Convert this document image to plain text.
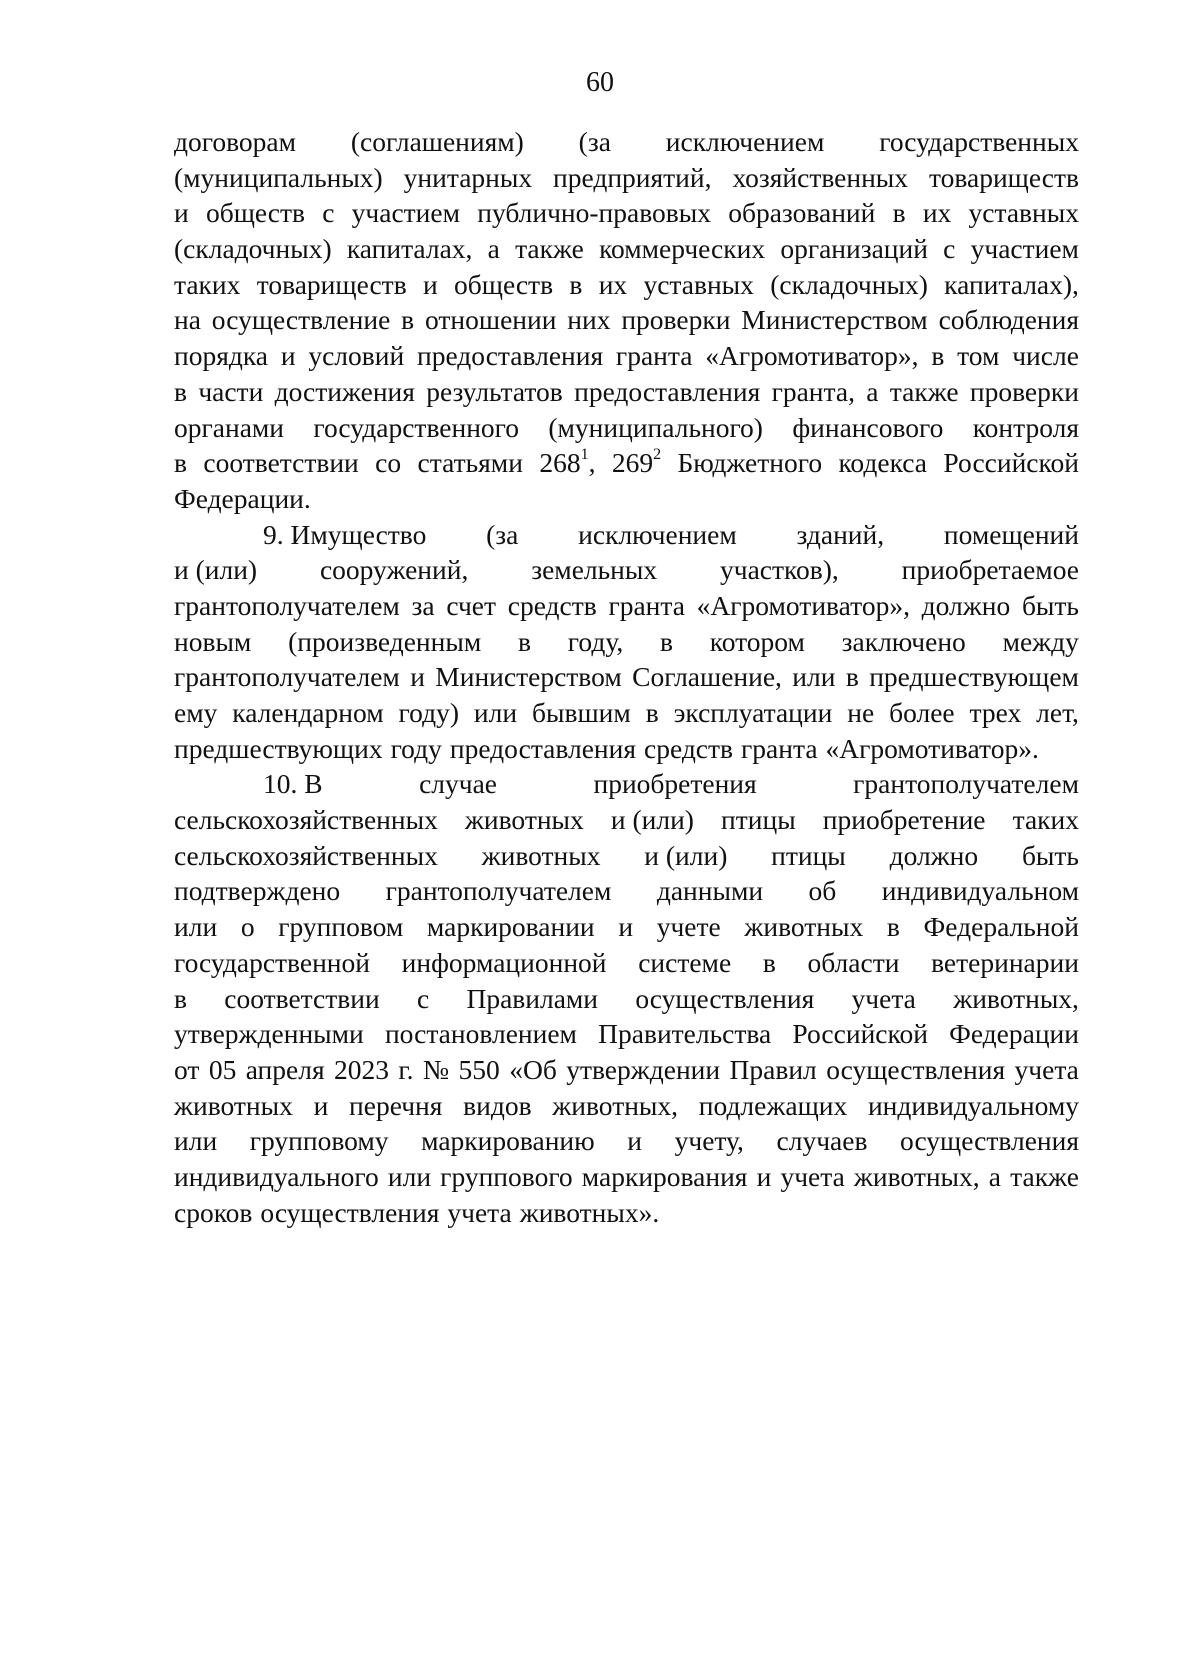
60
договорам (соглашениям) (за исключением государственных
(муниципальных) унитарных предприятий, хозяйственных товариществ
и обществ с участием публично-правовых образований в их уставных
(складочных) капиталах, а также коммерческих организаций с участием
таких товариществ и обществ в их уставных (складочных) капиталах),
на осуществление в отношении них проверки Министерством соблюдения
порядка и условий предоставления гранта «Агромотиватор», в том числе
в части достижения результатов предоставления гранта, а также проверки
органами государственного (муниципального) финансового контроля
в соответствии со статьями $268^1$, $269^2$ Бюджетного кодекса Российской
Федерации.
9. Имущество (за исключением зданий, помещений
и (или) сооружений, земельных участков), приобретаемое
грантополучателем за счет средств гранта «Агромотиватор», должно быть
новым (произведенным в году, в котором заключено между
грантополучателем и Министерством Соглашение, или в предшествующем
ему календарном году) или бывшим в эксплуатации не более трех лет,
предшествующих году предоставления средств гранта «Агромотиватор».
10. В	случае	приобретения	грантополучателем
сельскохозяйственных животных и (или) птицы приобретение таких
сельскохозяйственных животных и (или) птицы должно быть
подтверждено грантополучателем данными об индивидуальном
или о групповом маркировании и учете животных в Федеральной
государственной информационной системе в области ветеринарии
в соответствии с Правилами осуществления учета животных,
утвержденными постановлением Правительства Российской Федерации
от 05 апреля 2023 г. № 550 «Об утверждении Правил осуществления учета
животных и перечня видов животных, подлежащих индивидуальному
или групповому маркированию и учету, случаев осуществления
индивидуального или группового маркирования и учета животных, а также
сроков осуществления учета животных».
